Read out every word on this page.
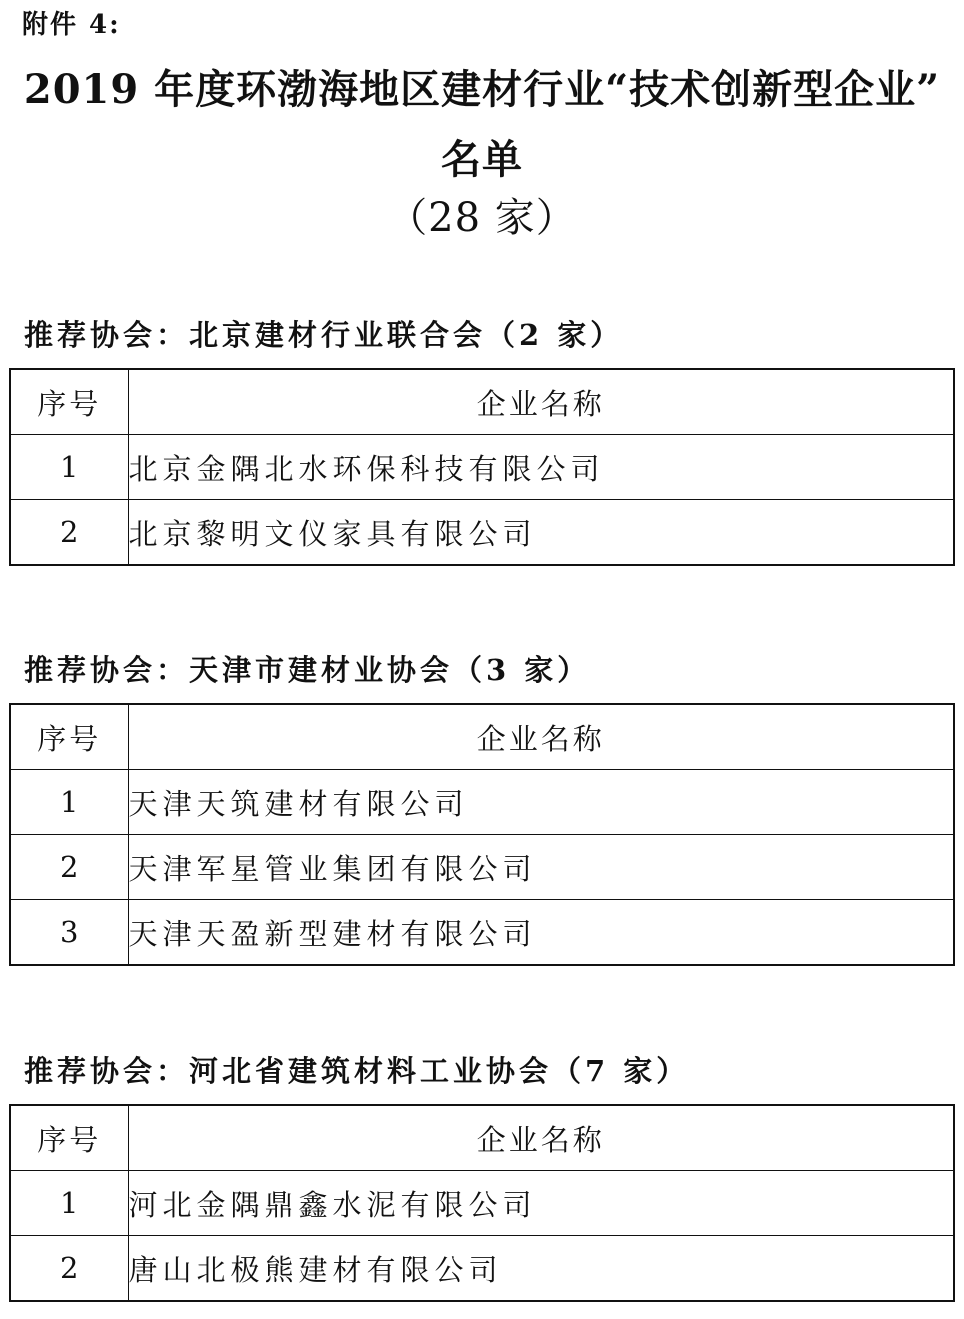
附件 4:
2019 年度环渤海地区建材行业“技术创新型企业”
名单
（28 家）
推荐协会：北京建材行业联合会（2 家）
序号	企业名称
1	北京金隅北水环保科技有限公司
2	北京黎明文仪家具有限公司
推荐协会：天津市建材业协会（3 家）
序号	企业名称
1	天津天筑建材有限公司
2	天津军星管业集团有限公司
3	天津天盈新型建材有限公司
推荐协会：河北省建筑材料工业协会（7 家）
序号	企业名称
1	河北金隅鼎鑫水泥有限公司
2	唐山北极熊建材有限公司
